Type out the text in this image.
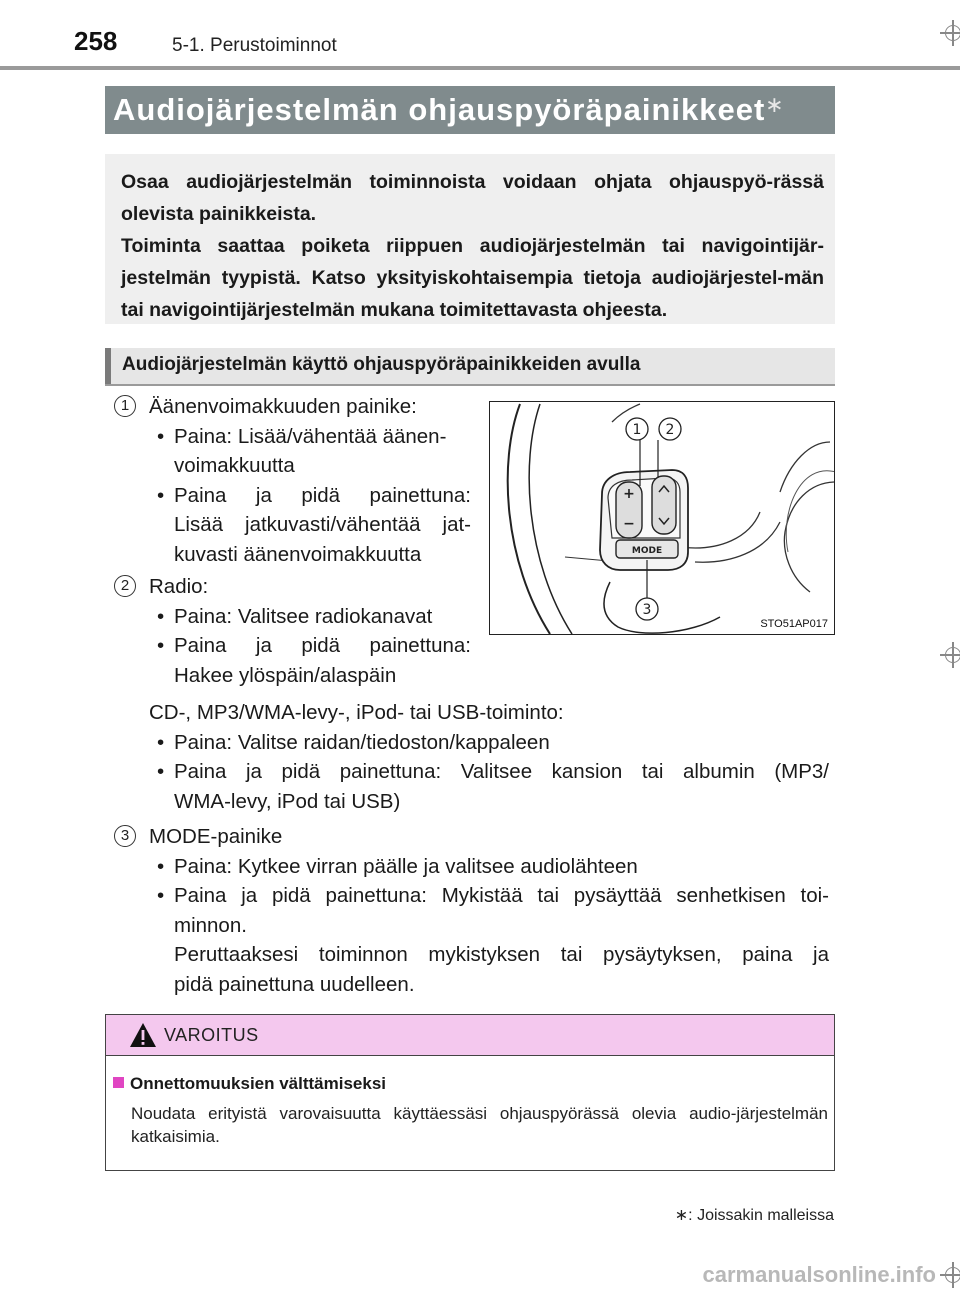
258	5-1. Perustoiminnot
Audiojärjestelmän ohjauspyöräpainikkeet∗

Osaa audiojärjestelmän toiminnoista voidaan ohjata ohjauspyö-rässä olevista painikkeista.

Toiminta saattaa poiketa riippuen audiojärjestelmän tai navigointijär-jestelmän tyypistä. Katso yksityiskohtaisempia tietoja audiojärjestel-män tai navigointijärjestelmän mukana toimitettavasta ohjeesta.

Audiojärjestelmän käyttö ohjauspyöräpainikkeiden avulla
1 Äänenvoimakkuuden painike:

• Paina: Lisää/vähentää äänen-

voimakkuutta

• Paina ja pidä painettuna:

Lisää jatkuvasti/vähentää jat-

kuvasti äänenvoimakkuutta

2 Radio:

• Paina: Valitsee radiokanavat

• Paina ja pidä painettuna:

Hakee ylöspäin/alaspäin

CD-, MP3/WMA-levy-, iPod- tai USB-toiminto:

• Paina: Valitse raidan/tiedoston/kappaleen

• Paina ja pidä painettuna: Valitsee kansion tai albumin (MP3/

WMA-levy, iPod tai USB)

3 MODE-painike

• Paina: Kytkee virran päälle ja valitsee audiolähteen

• Paina ja pidä painettuna: Mykistää tai pysäyttää senhetkisen toi-

minnon.

Peruttaaksesi toiminnon mykistyksen tai pysäytyksen, paina ja

pidä painettuna uudelleen.

+
−
MODE
1 2
3
STO51AP017
VAROITUS
Onnettomuuksien välttämiseksi
Noudata erityistä varovaisuutta käyttäessäsi ohjauspyörässä olevia audio-järjestelmän katkaisimia.
∗: Joissakin malleissa
carmanualsonline.info
